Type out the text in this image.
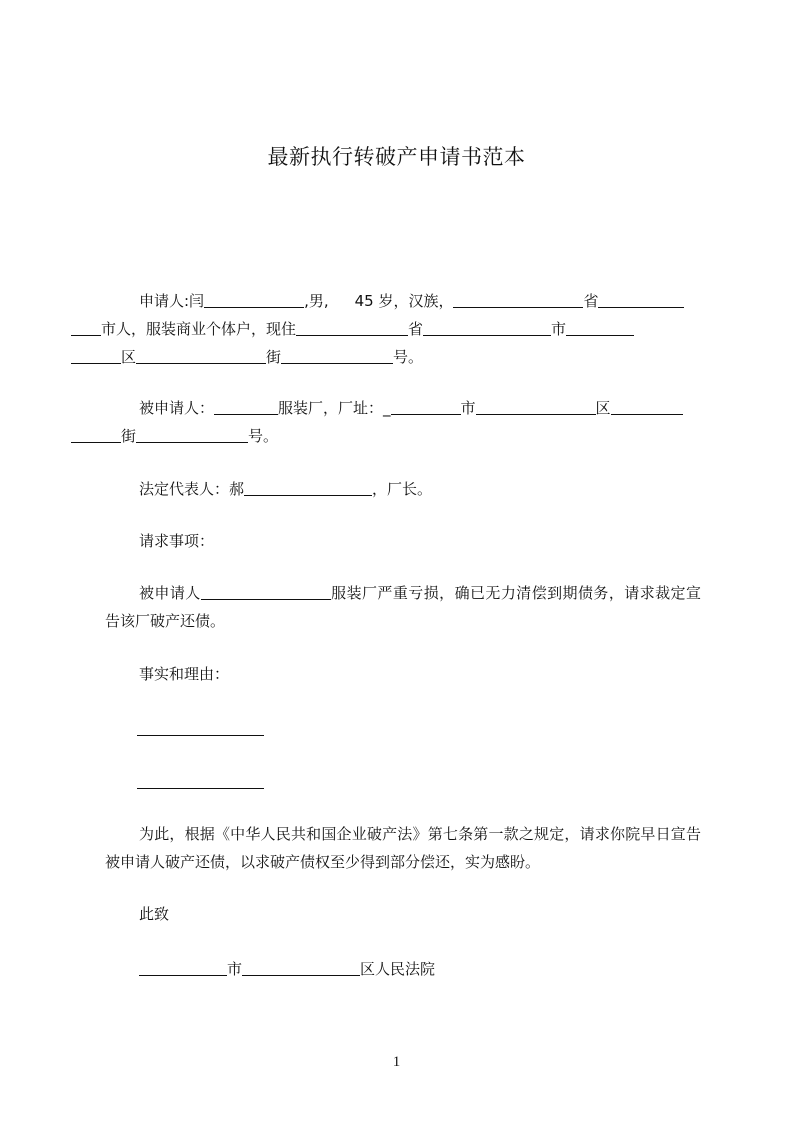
最新执行转破产申请书范本
申请人:闫	,男, 45 岁，汉族，	省
市人，服装商业个体户，现住	省	市
区	街	号。
被申请人：	服装厂，厂址：_	市	区
街	号。
法定代表人：郝	，厂长。
请求事项：
被申请人	服装厂严重亏损，确已无力清偿到期债务，请求裁定宣告该厂破产还债。
事实和理由：
为此，根据《中华人民共和国企业破产法》第七条第一款之规定，请求你院早日宣告被申请人破产还债，以求破产债权至少得到部分偿还，实为感盼。
此致
市	区人民法院
1
